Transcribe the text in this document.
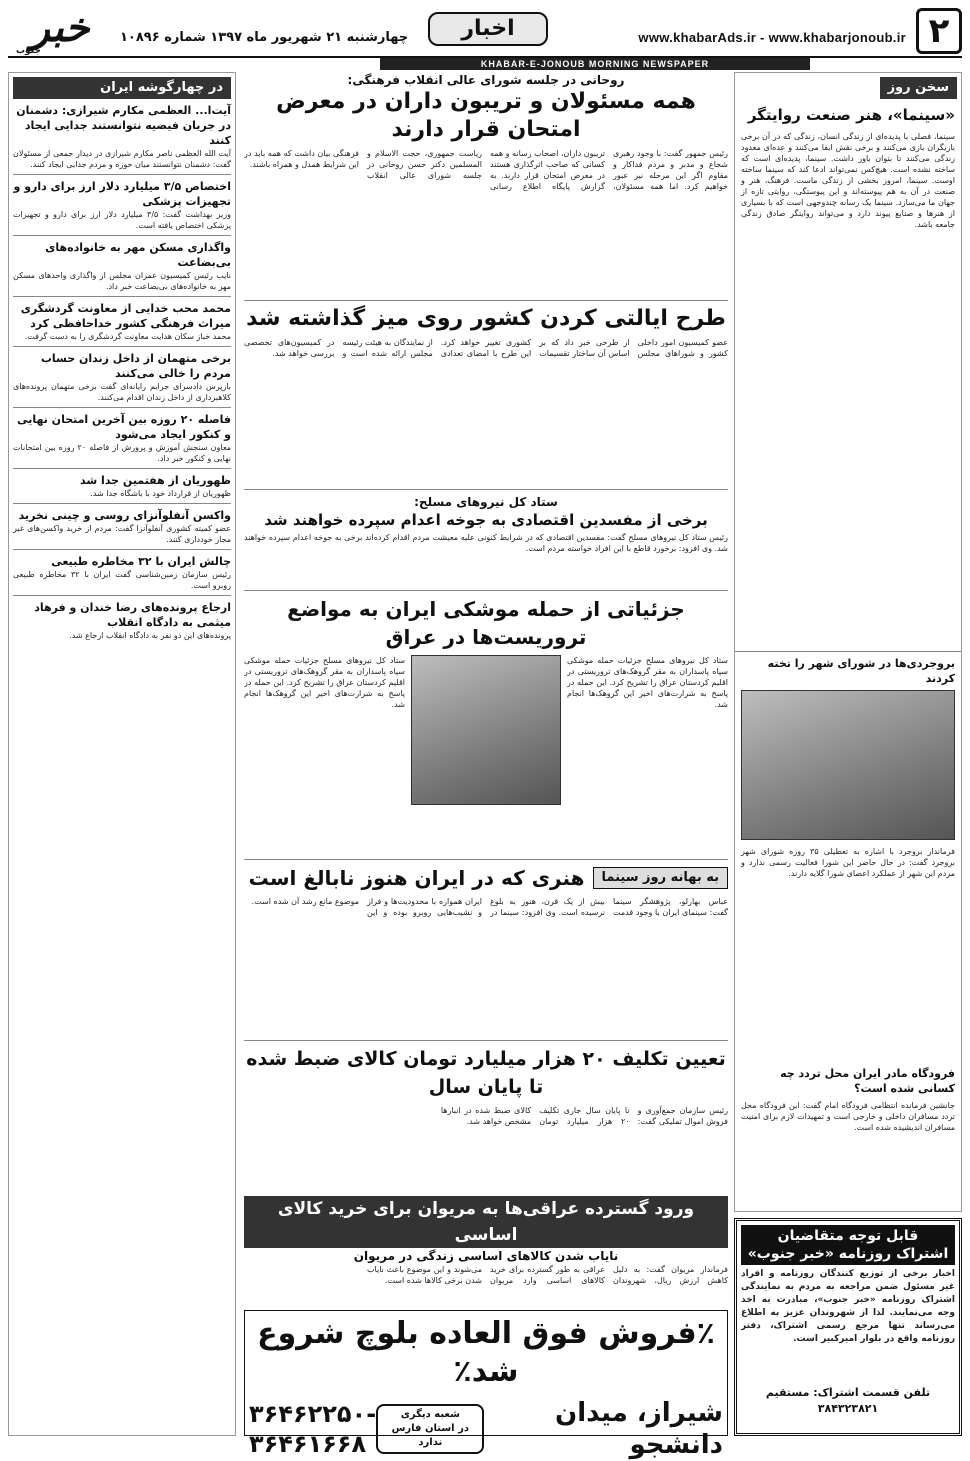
۲
www.khabarAds.ir - www.khabarjonoub.ir
اخبار
چهارشنبه ۲۱ شهریور ماه ۱۳۹۷ شماره ۱۰۸۹۶
خبر
جنوب
KHABAR-E-JONOUB MORNING NEWSPAPER
سخن روز
«سینما»، هنر صنعت روایتگر
سینما، فصلی با پدیده‌ای از زندگی انسان، زندگی که در آن برخی بازیگران بازی می‌کنند و برخی نقش ایفا می‌کنند و عده‌ای معدود زندگی می‌کنند تا بتوان باور داشت. سینما، پدیده‌ای است که ساخته نشده است. هیچ‌کس نمی‌تواند ادعا کند که سینما ساخته اوست. سینما، امروز بخشی از زندگی ماست. فرهنگ، هنر و صنعت در آن به هم پیوسته‌اند و این پیوستگی، روایتی تازه از جهان ما می‌سازد. سینما یک رسانه چندوجهی است که با بسیاری از هنرها و صنایع پیوند دارد و می‌تواند روایتگر صادق زندگی جامعه باشد.
بروجردی‌ها در شورای شهر را تخته کردند
فرماندار بروجرد با اشاره به تعطیلی ۳۵ روزه شورای شهر بروجرد گفت: در حال حاضر این شورا فعالیت رسمی ندارد و مردم این شهر از عملکرد اعضای شورا گلایه دارند.
فرودگاه مادر ایران محل تردد چه کسانی شده است؟
جانشین فرمانده انتظامی فرودگاه امام گفت: این فرودگاه محل تردد مسافران داخلی و خارجی است و تمهیدات لازم برای امنیت مسافران اندیشیده شده است.
قابل توجه متقاضیان
اشتراک روزنامه «خبر جنوب»
اخبار برخی از توزیع کنندگان روزنامه و افراد غیر مسئول ضمن مراجعه به مردم به نمایندگی اشتراک روزنامه «خبر جنوب»، مبادرت به اخذ وجه می‌نمایند. لذا از شهروندان عزیز به اطلاع می‌رساند تنها مرجع رسمی اشتراک، دفتر روزنامه واقع در بلوار امیرکبیر است.
تلفن قسمت اشتراک: مستقیم ۳۸۴۳۲۳۸۲۱
روحانی در جلسه شورای عالی انقلاب فرهنگی:
همه مسئولان و تریبون داران در معرض امتحان قرار دارند
رئیس جمهور گفت: با وجود رهبری شجاع و مدبر و مردم فداکار و مقاوم اگر این مرحله نیز عبور خواهیم کرد. اما همه مسئولان، تریبون داران، اصحاب رسانه و همه کسانی که صاحب اثرگذاری هستند در معرض امتحان قرار دارند. به گزارش پایگاه اطلاع رسانی ریاست جمهوری، حجت الاسلام و المسلمین دکتر حسن روحانی در جلسه شورای عالی انقلاب فرهنگی بیان داشت که همه باید در این شرایط همدل و همراه باشند.
طرح ایالتی کردن کشور روی میز گذاشته شد
عضو کمیسیون امور داخلی کشور و شوراهای مجلس از طرحی خبر داد که بر اساس آن ساختار تقسیمات کشوری تغییر خواهد کرد. این طرح با امضای تعدادی از نمایندگان به هیئت رئیسه مجلس ارائه شده است و در کمیسیون‌های تخصصی بررسی خواهد شد.
ستاد کل نیروهای مسلح:
برخی از مفسدین اقتصادی به جوخه اعدام سپرده خواهند شد
رئیس ستاد کل نیروهای مسلح گفت: مفسدین اقتصادی که در شرایط کنونی علیه معیشت مردم اقدام کرده‌اند برخی به جوخه اعدام سپرده خواهند شد. وی افزود: برخورد قاطع با این افراد خواسته مردم است.
جزئیاتی از حمله موشکی ایران به مواضع تروریست‌ها در عراق
ستاد کل نیروهای مسلح جزئیات حمله موشکی سپاه پاسداران به مقر گروهک‌های تروریستی در اقلیم کردستان عراق را تشریح کرد. این حمله در پاسخ به شرارت‌های اخیر این گروهک‌ها انجام شد.
ستاد کل نیروهای مسلح جزئیات حمله موشکی سپاه پاسداران به مقر گروهک‌های تروریستی در اقلیم کردستان عراق را تشریح کرد. این حمله در پاسخ به شرارت‌های اخیر این گروهک‌ها انجام شد.
به بهانه روز سینما
هنری که در ایران هنوز نابالغ است
عباس بهارلو، پژوهشگر سینما گفت: سینمای ایران با وجود قدمت بیش از یک قرن، هنوز به بلوغ نرسیده است. وی افزود: سینما در ایران همواره با محدودیت‌ها و فراز و نشیب‌هایی روبرو بوده و این موضوع مانع رشد آن شده است.
تعیین تکلیف ۲۰ هزار میلیارد تومان کالای ضبط شده تا پایان سال
رئیس سازمان جمع‌آوری و فروش اموال تملیکی گفت: تا پایان سال جاری تکلیف ۲۰ هزار میلیارد تومان کالای ضبط شده در انبارها مشخص خواهد شد.
ورود گسترده عراقی‌ها به مریوان برای خرید کالای اساسی
نایاب شدن کالاهای اساسی زندگی در مریوان
فرماندار مریوان گفت: به دلیل کاهش ارزش ریال، شهروندان عراقی به طور گسترده برای خرید کالاهای اساسی وارد مریوان می‌شوند و این موضوع باعث نایاب شدن برخی کالاها شده است.
٪فروش فوق العاده بلوچ شروع شد٪
شیراز، میدان دانشجو
شعبه دیگری
در استان فارس ندارد
۳۶۴۶۲۲۵۰-
۳۶۴۶۱۶۶۸
در چهارگوشه ایران
آیت‌ا... العظمی مکارم شیرازی: دشمنان در جریان فیضیه نتوانستند جدایی ایجاد کنند
آیت الله العظمی ناصر مکارم شیرازی در دیدار جمعی از مسئولان گفت: دشمنان نتوانستند میان حوزه و مردم جدایی ایجاد کنند.
اختصاص ۳/۵ میلیارد دلار ارز برای دارو و تجهیزات پزشکی
وزیر بهداشت گفت: ۳/۵ میلیارد دلار ارز برای دارو و تجهیزات پزشکی اختصاص یافته است.
واگذاری مسکن مهر به خانواده‌های بی‌بضاعت
نایب رئیس کمیسیون عمران مجلس از واگذاری واحدهای مسکن مهر به خانواده‌های بی‌بضاعت خبر داد.
محمد محب خدایی از معاونت گردشگری میراث فرهنگی کشور خداحافظی کرد
محمد خباز سکان هدایت معاونت گردشگری را به دست گرفت.
برخی متهمان از داخل زندان حساب مردم را خالی می‌کنند
بازپرس دادسرای جرایم رایانه‌ای گفت برخی متهمان پرونده‌های کلاهبرداری از داخل زندان اقدام می‌کنند.
فاصله ۲۰ روزه بین آخرین امتحان نهایی و کنکور ایجاد می‌شود
معاون سنجش آموزش و پرورش از فاصله ۲۰ روزه بین امتحانات نهایی و کنکور خبر داد.
ظهوریان از هفتمین جدا شد
ظهوریان از قرارداد خود با باشگاه جدا شد.
واکسن آنفلوآنزای روسی و چینی نخرید
عضو کمیته کشوری آنفلوآنزا گفت: مردم از خرید واکسن‌های غیر مجاز خودداری کنند.
چالش ایران با ۳۲ مخاطره طبیعی
رئیس سازمان زمین‌شناسی گفت ایران با ۳۲ مخاطره طبیعی روبرو است.
ارجاع پرونده‌های رضا خندان و فرهاد میثمی به دادگاه انقلاب
پرونده‌های این دو نفر به دادگاه انقلاب ارجاع شد.
